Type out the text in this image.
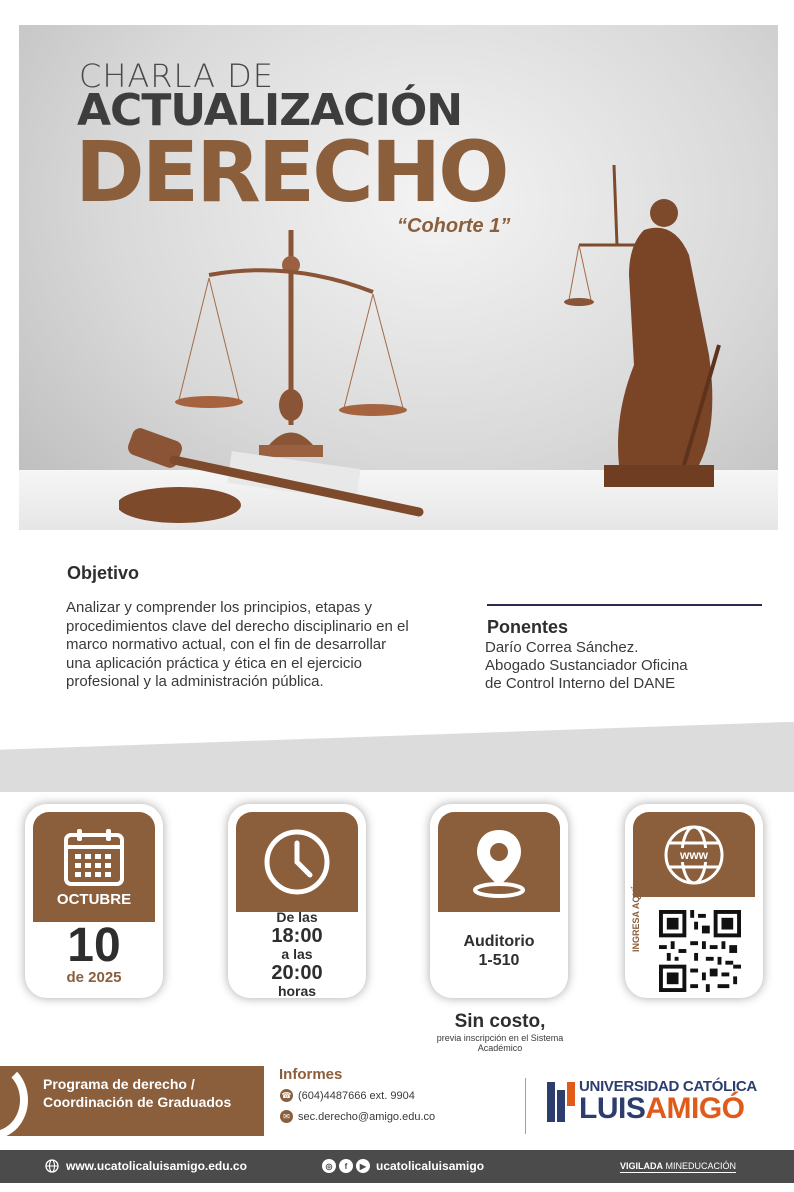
CHARLA DE
ACTUALIZACIÓN
DERECHO
“Cohorte 1”
Objetivo
Analizar y comprender los principios, etapas y procedimientos clave del derecho disciplinario en el marco normativo actual, con el fin de desarrollar una aplicación práctica y ética en el ejercicio profesional y la administración pública.
Ponentes
Darío Correa Sánchez.
Abogado Sustanciador Oficina
de Control Interno del DANE
OCTUBRE
10
de 2025
De las
18:00
a las
20:00
horas
Auditorio
1-510
www
INGRESA AQUÍ
Sin costo,
previa inscripción en el Sistema Académico
Programa de derecho / Coordinación de Graduados
Informes
☎ (604)4487666 ext. 9904
✉ sec.derecho@amigo.edu.co
UNIVERSIDAD CATÓLICA
LUISAMIGÓ
www.ucatolicaluisamigo.edu.co	◎	f	▶ ucatolicaluisamigo	VIGILADA MINEDUCACIÓN
